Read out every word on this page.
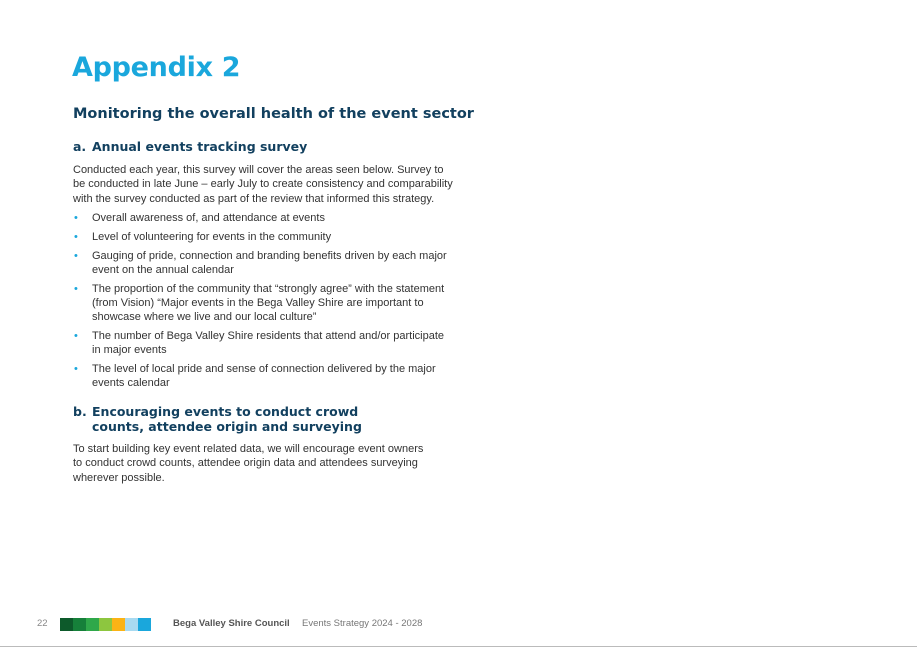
Appendix 2
Monitoring the overall health of the event sector
a. Annual events tracking survey

Conducted each year, this survey will cover the areas seen below. Survey to be conducted in late June – early July to create consistency and comparability with the survey conducted as part of the review that informed this strategy.

• Overall awareness of, and attendance at events
• Level of volunteering for events in the community
• Gauging of pride, connection and branding benefits driven by each major event on the annual calendar
• The proportion of the community that “strongly agree” with the statement (from Vision) “Major events in the Bega Valley Shire are important to showcase where we live and our local culture”
• The number of Bega Valley Shire residents that attend and/or participate in major events
• The level of local pride and sense of connection delivered by the major events calendar
b. Encouraging events to conduct crowd counts, attendee origin and surveying

To start building key event related data, we will encourage event owners to conduct crowd counts, attendee origin data and attendees surveying wherever possible.

22	Bega Valley Shire Council Events Strategy 2024 - 2028
